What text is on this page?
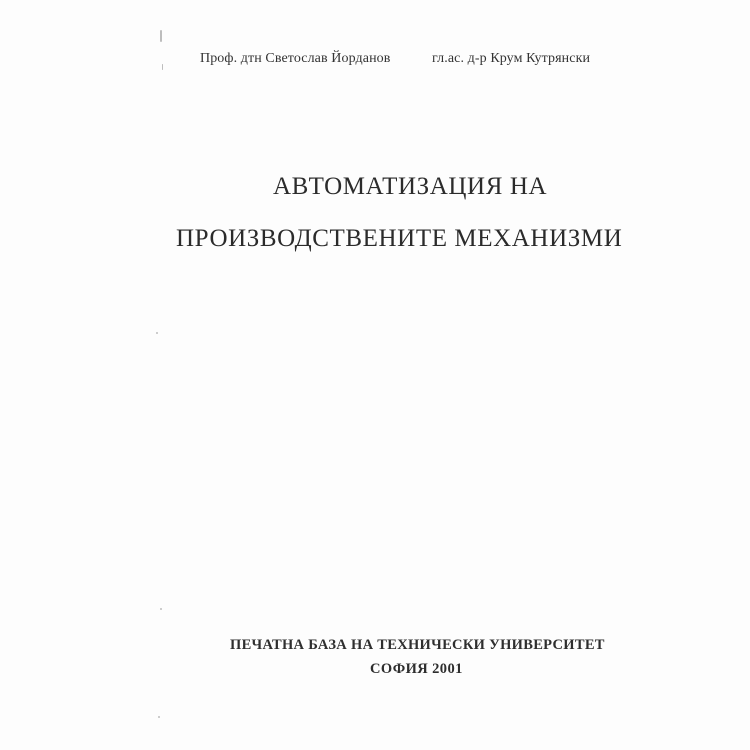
Проф. дтн Светослав Йорданов	гл.ас. д-р Крум Кутрянски
АВТОМАТИЗАЦИЯ НА
ПРОИЗВОДСТВЕНИТЕ МЕХАНИЗМИ
ПЕЧАТНА БАЗА НА ТЕХНИЧЕСКИ УНИВЕРСИТЕТ
СОФИЯ 2001
